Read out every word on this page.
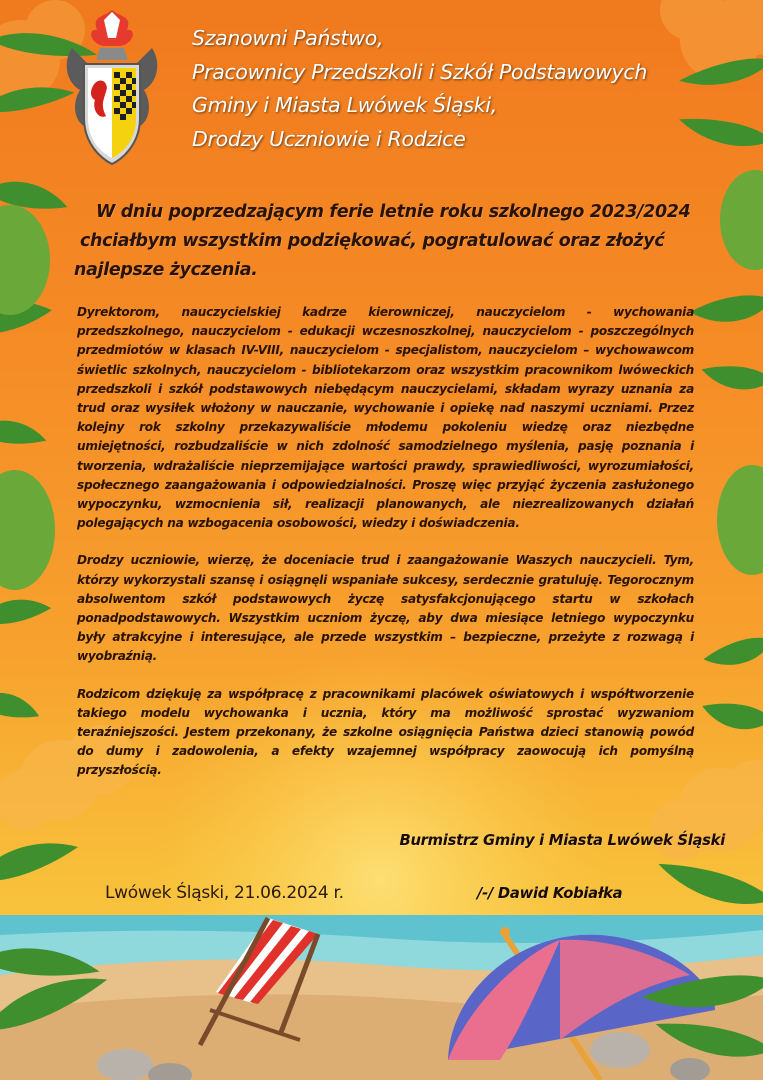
Szanowni Państwo,

Pracownicy Przedszkoli i Szkół Podstawowych

Gminy i Miasta Lwówek Śląski,

Drodzy Uczniowie i Rodzice

W dniu poprzedzającym ferie letnie roku szkolnego 2023/2024
chciałbym wszystkim podziękować, pogratulować oraz złożyć
najlepsze życzenia.

Dyrektorom, nauczycielskiej kadrze kierowniczej, nauczycielom - wychowania przedszkolnego, nauczycielom - edukacji wczesnoszkolnej, nauczycielom - poszczególnych przedmiotów w klasach IV-VIII, nauczycielom - specjalistom, nauczycielom – wychowawcom świetlic szkolnych, nauczycielom - bibliotekarzom oraz wszystkim pracownikom lwóweckich przedszkoli i szkół podstawowych niebędącym nauczycielami, składam wyrazy uznania za trud oraz wysiłek włożony w nauczanie, wychowanie i opiekę nad naszymi uczniami. Przez kolejny rok szkolny przekazywaliście młodemu pokoleniu wiedzę oraz niezbędne umiejętności, rozbudzaliście w nich zdolność samodzielnego myślenia, pasję poznania i tworzenia, wdrażaliście nieprzemijające wartości prawdy, sprawiedliwości, wyrozumiałości, społecznego zaangażowania i odpowiedzialności. Proszę więc przyjąć życzenia zasłużonego wypoczynku, wzmocnienia sił, realizacji planowanych, ale niezrealizowanych działań polegających na wzbogacenia osobowości, wiedzy i doświadczenia.

Drodzy uczniowie, wierzę, że doceniacie trud i zaangażowanie Waszych nauczycieli. Tym, którzy wykorzystali szansę i osiągnęli wspaniałe sukcesy, serdecznie gratuluję. Tegorocznym absolwentom szkół podstawowych życzę satysfakcjonującego startu w szkołach ponadpodstawowych. Wszystkim uczniom życzę, aby dwa miesiące letniego wypoczynku były atrakcyjne i interesujące, ale przede wszystkim – bezpieczne, przeżyte z rozwagą i wyobraźnią.

Rodzicom dziękuję za współpracę z pracownikami placówek oświatowych i współtworzenie takiego modelu wychowanka i ucznia, który ma możliwość sprostać wyzwaniom teraźniejszości. Jestem przekonany, że szkolne osiągnięcia Państwa dzieci stanowią powód do dumy i zadowolenia, a efekty wzajemnej współpracy zaowocują ich pomyślną przyszłością.

Burmistrz Gminy i Miasta Lwówek Śląski
Lwówek Śląski, 21.06.2024 r.	/-/ Dawid Kobiałka
